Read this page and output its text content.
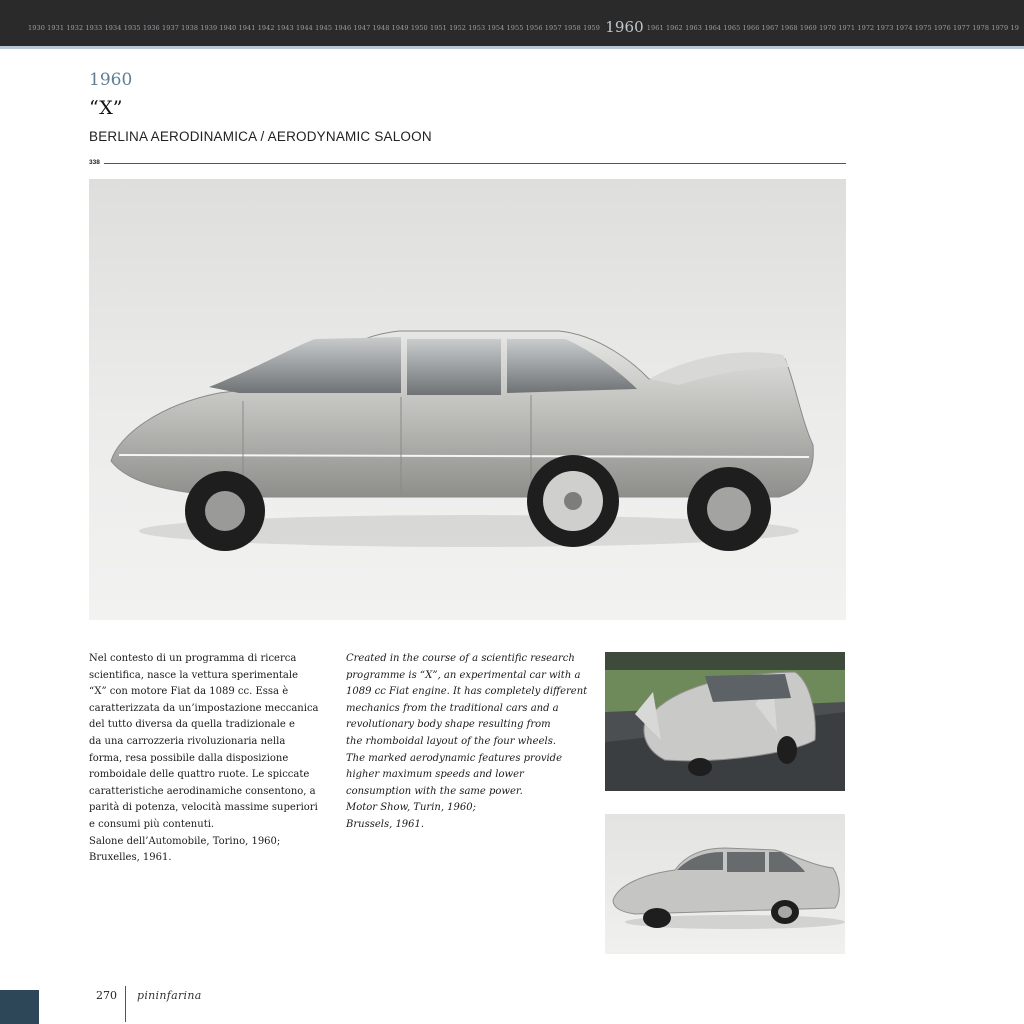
1930 1931 1932 1933 1934 1935 1936 1937 1938 1939 1940 1941 1942 1943 1944 1945 1946 1947 1948 1949 1950 1951 1952 1953 1954 1955 1956 1957 1958 1959 1960 1961 1962 1963 1964 1965 1966 1967 1968 1969 1970 1971 1972 1973 1974 1975 1976 1977 1978 1979 19
1960
“X”
BERLINA AERODINAMICA / AERODYNAMIC SALOON
338
Nel contesto di un programma di ricerca
scientifica, nasce la vettura sperimentale
“X” con motore Fiat da 1089 cc. Essa è
caratterizzata da un’impostazione meccanica
del tutto diversa da quella tradizionale e
da una carrozzeria rivoluzionaria nella
forma, resa possibile dalla disposizione
romboidale delle quattro ruote. Le spiccate
caratteristiche aerodinamiche consentono, a
parità di potenza, velocità massime superiori
e consumi più contenuti.
Salone dell’Automobile, Torino, 1960;
Bruxelles, 1961.
Created in the course of a scientific research
programme is “X”, an experimental car with a
1089 cc Fiat engine. It has completely different
mechanics from the traditional cars and a
revolutionary body shape resulting from
the rhomboidal layout of the four wheels.
The marked aerodynamic features provide
higher maximum speeds and lower
consumption with the same power.
Motor Show, Turin, 1960;
Brussels, 1961.
270 pininfarina
